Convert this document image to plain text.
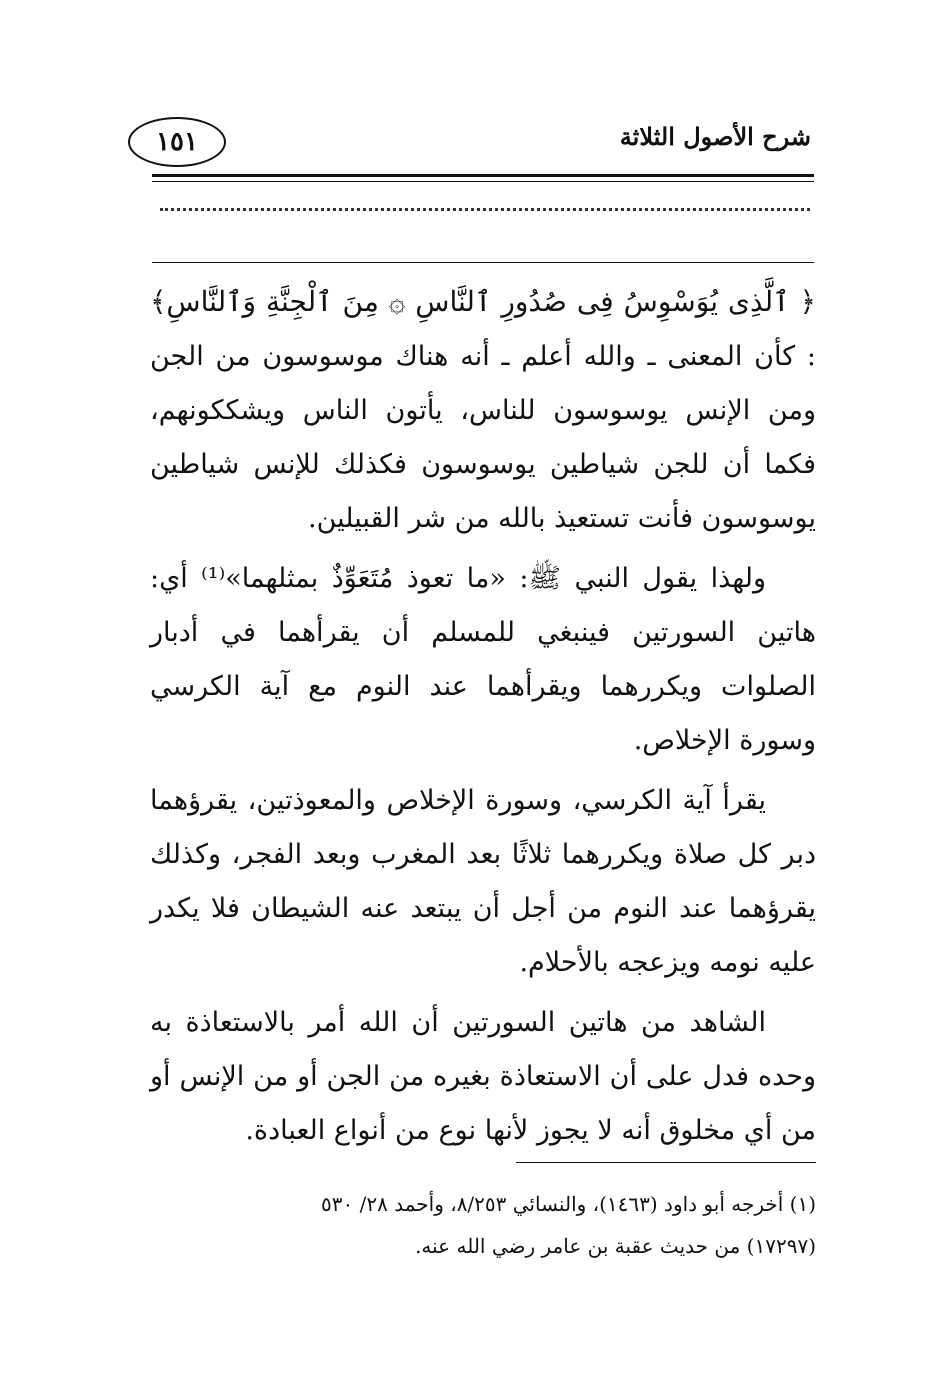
١٥١	شرح الأصول الثلاثة

﴿ ٱلَّذِى يُوَسْوِسُ فِى صُدُورِ ٱلنَّاسِ ۞ مِنَ ٱلْجِنَّةِ وَٱلنَّاسِ﴾ : كأن المعنى ـ والله أعلم ـ أنه هناك موسوسون من الجن ومن الإنس يوسوسون للناس، يأتون الناس ويشككونهم، فكما أن للجن شياطين يوسوسون فكذلك للإنس شياطين يوسوسون فأنت تستعيذ بالله من شر القبيلين.

ولهذا يقول النبي ﷺ: «ما تعوذ مُتَعَوِّذٌ بمثلهما»⁽¹⁾ أي: هاتين السورتين فينبغي للمسلم أن يقرأهما في أدبار الصلوات ويكررهما ويقرأهما عند النوم مع آية الكرسي وسورة الإخلاص.

يقرأ آية الكرسي، وسورة الإخلاص والمعوذتين، يقرؤهما دبر كل صلاة ويكررهما ثلاثًا بعد المغرب وبعد الفجر، وكذلك يقرؤهما عند النوم من أجل أن يبتعد عنه الشيطان فلا يكدر عليه نومه ويزعجه بالأحلام.

الشاهد من هاتين السورتين أن الله أمر بالاستعاذة به وحده فدل على أن الاستعاذة بغيره من الجن أو من الإنس أو من أي مخلوق أنه لا يجوز لأنها نوع من أنواع العبادة.

(١) أخرجه أبو داود (١٤٦٣)، والنسائي ٨/٢٥٣، وأحمد ٢٨/ ٥٣٠

(١٧٢٩٧) من حديث عقبة بن عامر رضي الله عنه.
